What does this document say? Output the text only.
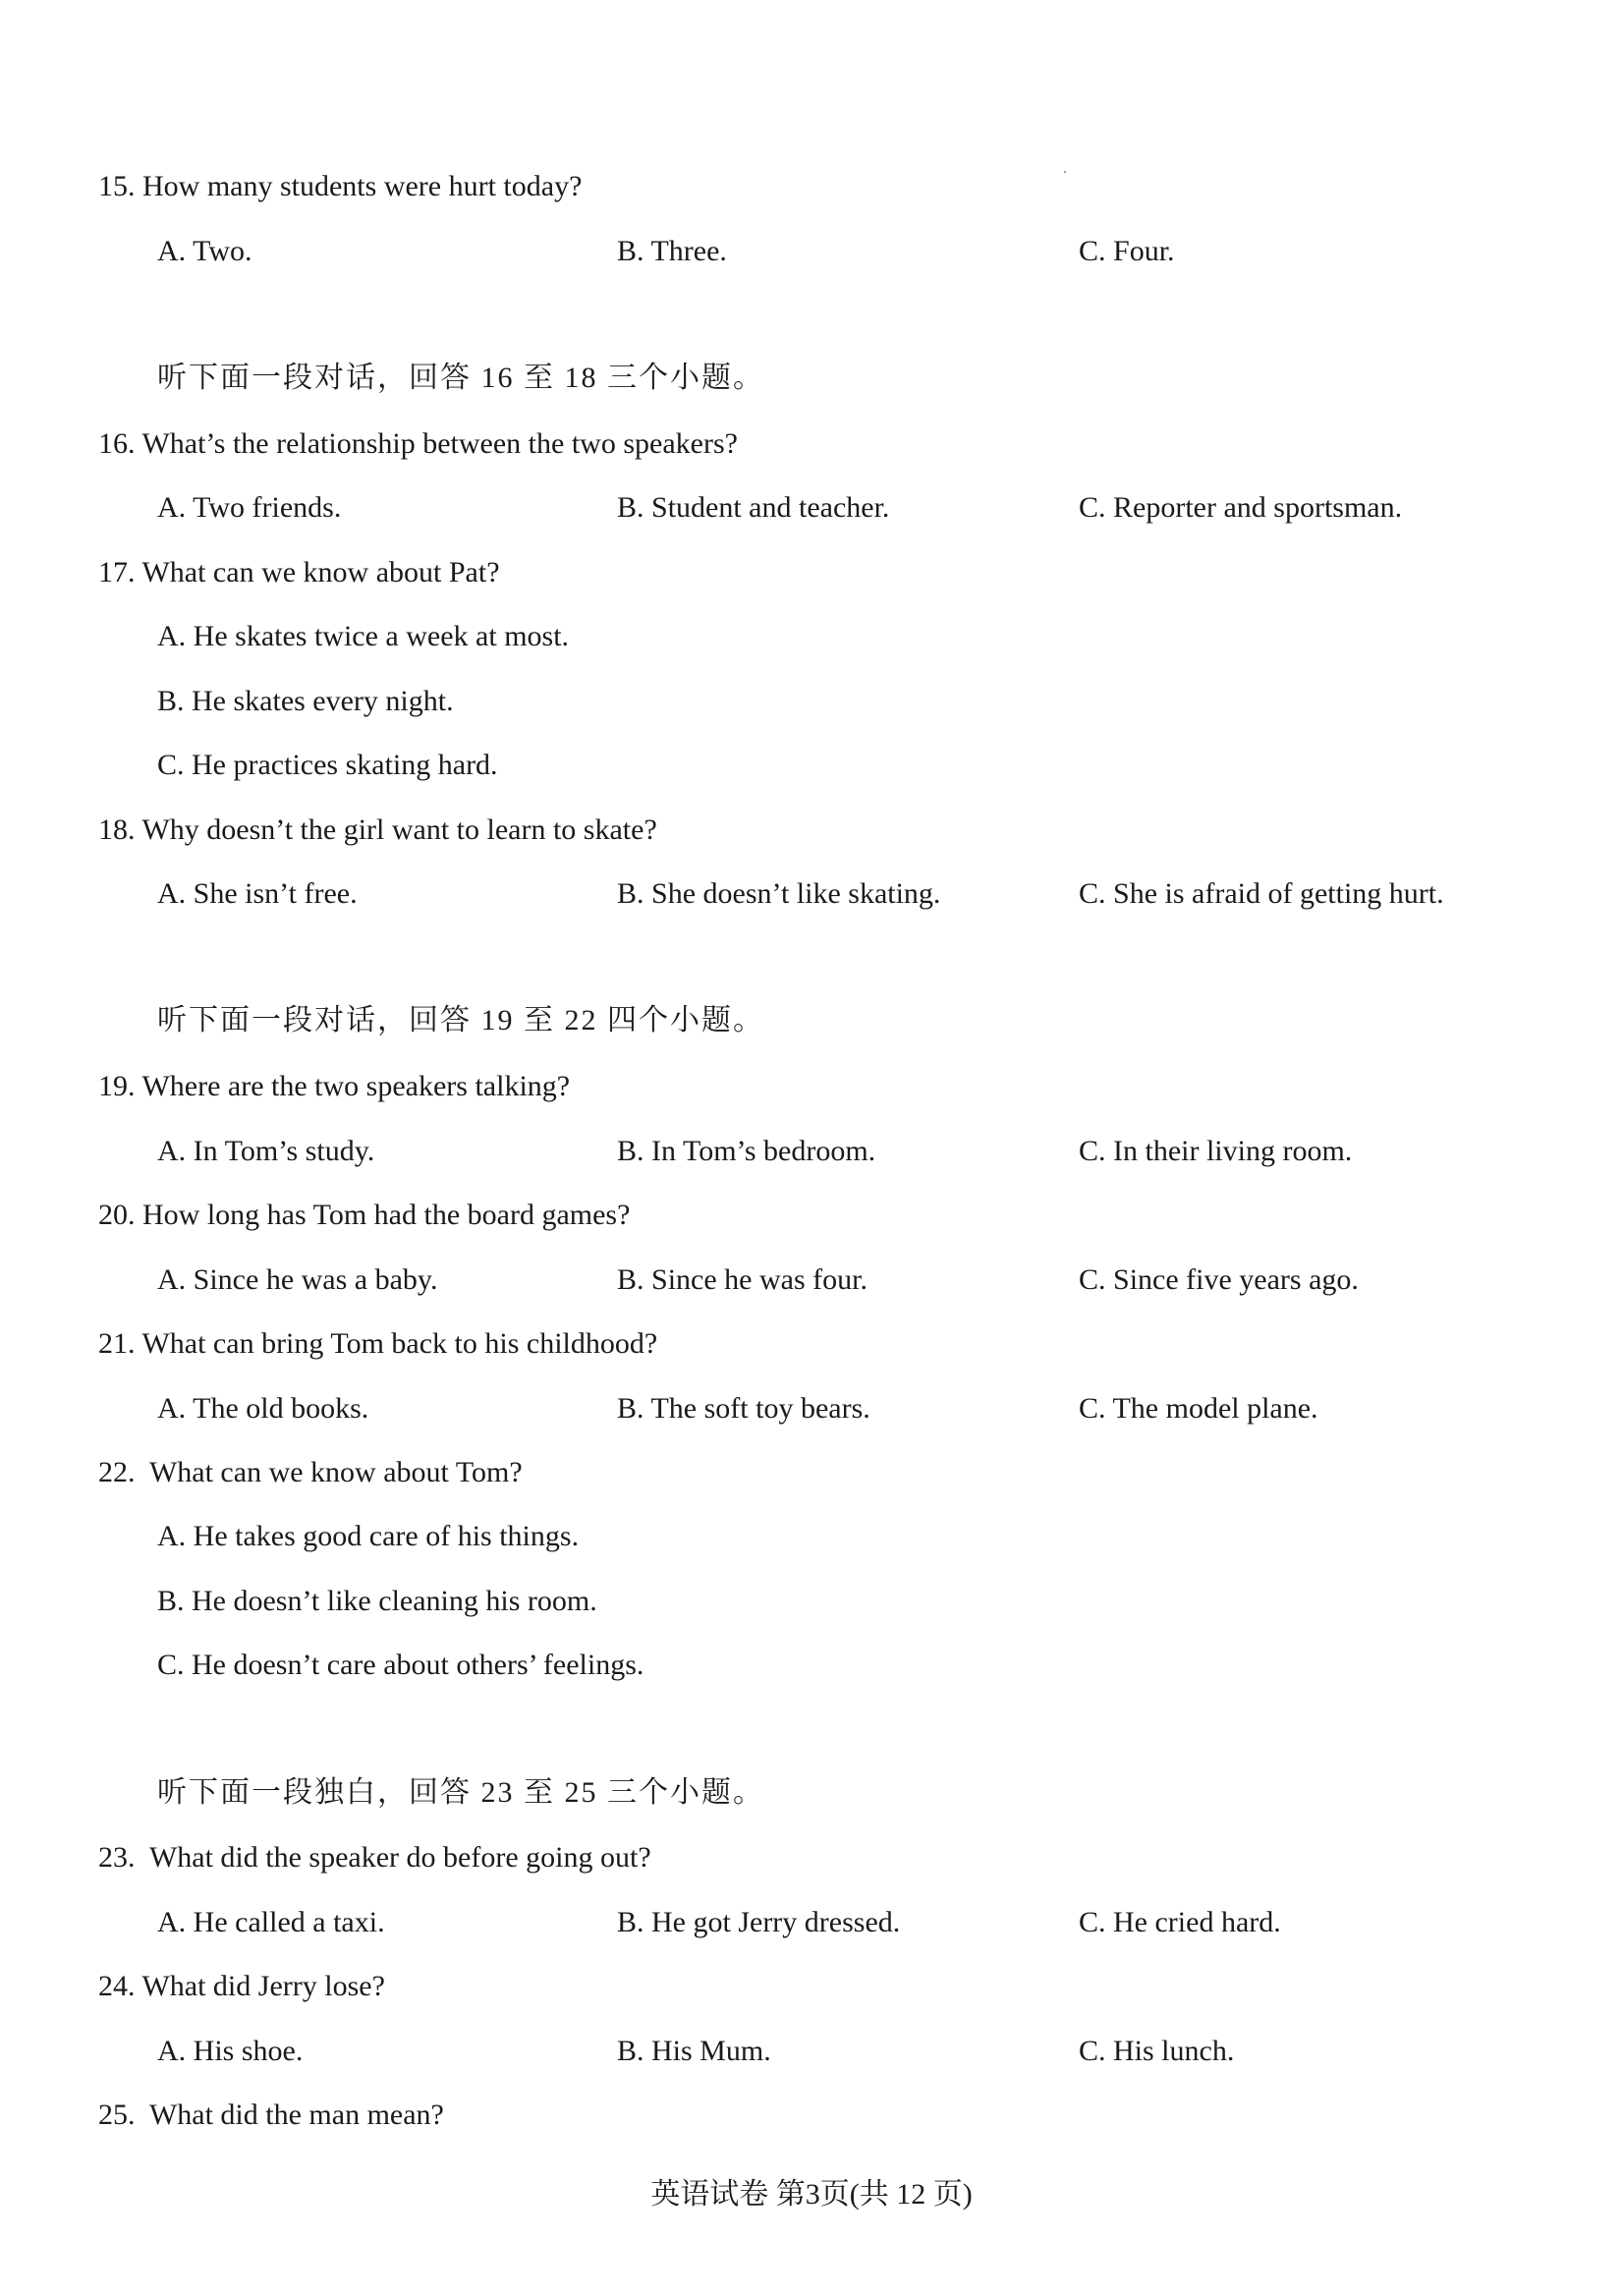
15. How many students were hurt today?
A. Two.	B. Three.	C. Four.
听下面一段对话，回答 16 至 18 三个小题。
16. What’s the relationship between the two speakers?
A. Two friends.	B. Student and teacher.	C. Reporter and sportsman.
17. What can we know about Pat?
A. He skates twice a week at most.
B. He skates every night.
C. He practices skating hard.
18. Why doesn’t the girl want to learn to skate?
A. She isn’t free.	B. She doesn’t like skating.	C. She is afraid of getting hurt.
听下面一段对话，回答 19 至 22 四个小题。
19. Where are the two speakers talking?
A. In Tom’s study.	B. In Tom’s bedroom.	C. In their living room.
20. How long has Tom had the board games?
A. Since he was a baby.	B. Since he was four.	C. Since five years ago.
21. What can bring Tom back to his childhood?
A. The old books.	B. The soft toy bears.	C. The model plane.
22. What can we know about Tom?
A. He takes good care of his things.
B. He doesn’t like cleaning his room.
C. He doesn’t care about others’ feelings.
听下面一段独白，回答 23 至 25 三个小题。
23. What did the speaker do before going out?
A. He called a taxi.	B. He got Jerry dressed.	C. He cried hard.
24. What did Jerry lose?
A. His shoe.	B. His Mum.	C. His lunch.
25. What did the man mean?
英语试卷 第3页(共 12 页)
